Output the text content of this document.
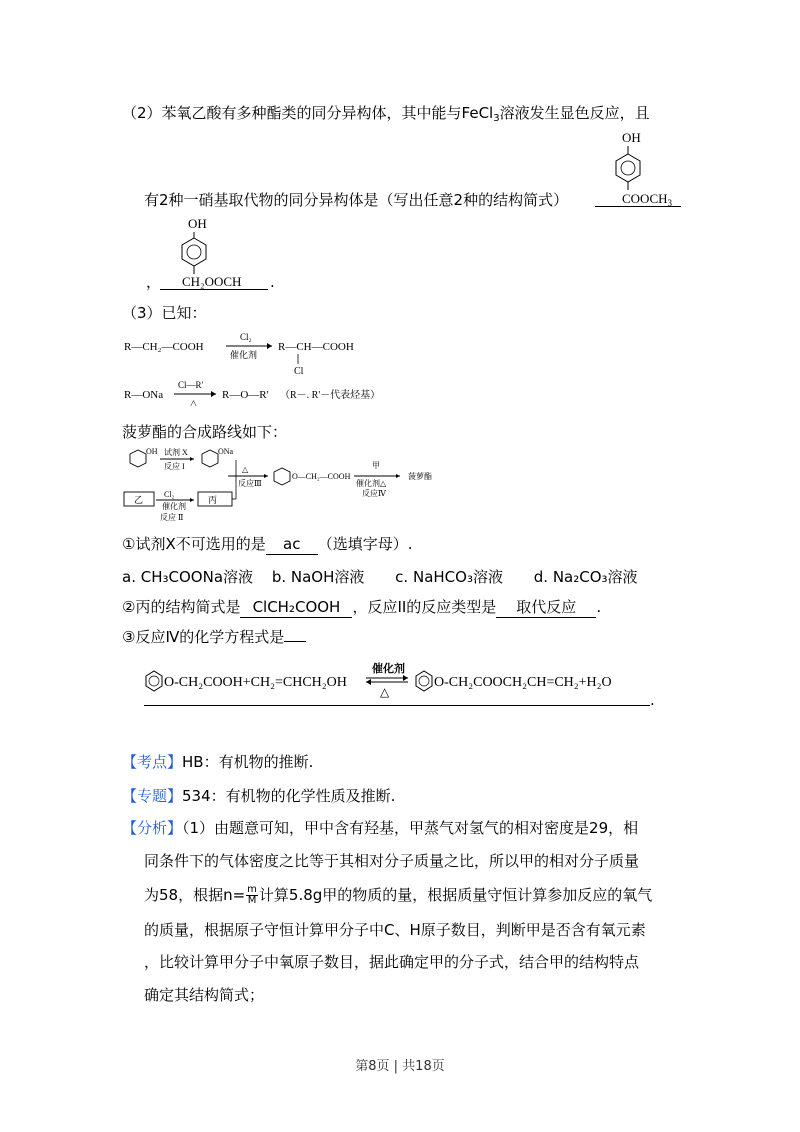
（2）苯氧乙酸有多种酯类的同分异构体，其中能与FeCl$_3$溶液发生显色反应，且
OH
$COOCH_3$
有2种一硝基取代物的同分异构体是（写出任意2种的结构简式）
，
OH
CH₂OOCH .
（3）已知：
R—CH₂—COOH
Cl₂
催化剂
R—CH—COOH
Cl
R—ONa
Cl—R'
△
R—O—R' （R－. R'－代表烃基）
菠萝酯的合成路线如下：
OH 试剂 X
反应 I
ONa
△
反应Ⅲ
O—CH₂—COOH
甲
催化剂△
反应Ⅳ
菠萝酯
乙
Cl₂
催化剂
反应 Ⅱ
丙
①试剂X不可选用的是 ac （选填字母）.
a. CH₃COONa溶液 b. NaOH溶液 c. NaHCO₃溶液 d. Na₂CO₃溶液
②丙的结构简式是 ClCH₂COOH ，反应II的反应类型是 取代反应 .
③反应Ⅳ的化学方程式是
O-CH₂COOH+CH₂=CHCH₂OH
催化剂
△
O-CH₂COOCH₂CH=CH₂+H₂O
.
【考点】HB：有机物的推断.
【专题】534：有机物的化学性质及推断.
【分析】（1）由题意可知，甲中含有羟基，甲蒸气对氢气的相对密度是29，相
同条件下的气体密度之比等于其相对分子质量之比，所以甲的相对分子质量
为58，根据$n= \frac{m}{M}$ 计算5.8g甲的物质的量，根据质量守恒计算参加反应的氧气
的质量，根据原子守恒计算甲分子中C、H原子数目，判断甲是否含有氧元素
，比较计算甲分子中氧原子数目，据此确定甲的分子式，结合甲的结构特点
确定其结构简式；
第8页 | 共18页
